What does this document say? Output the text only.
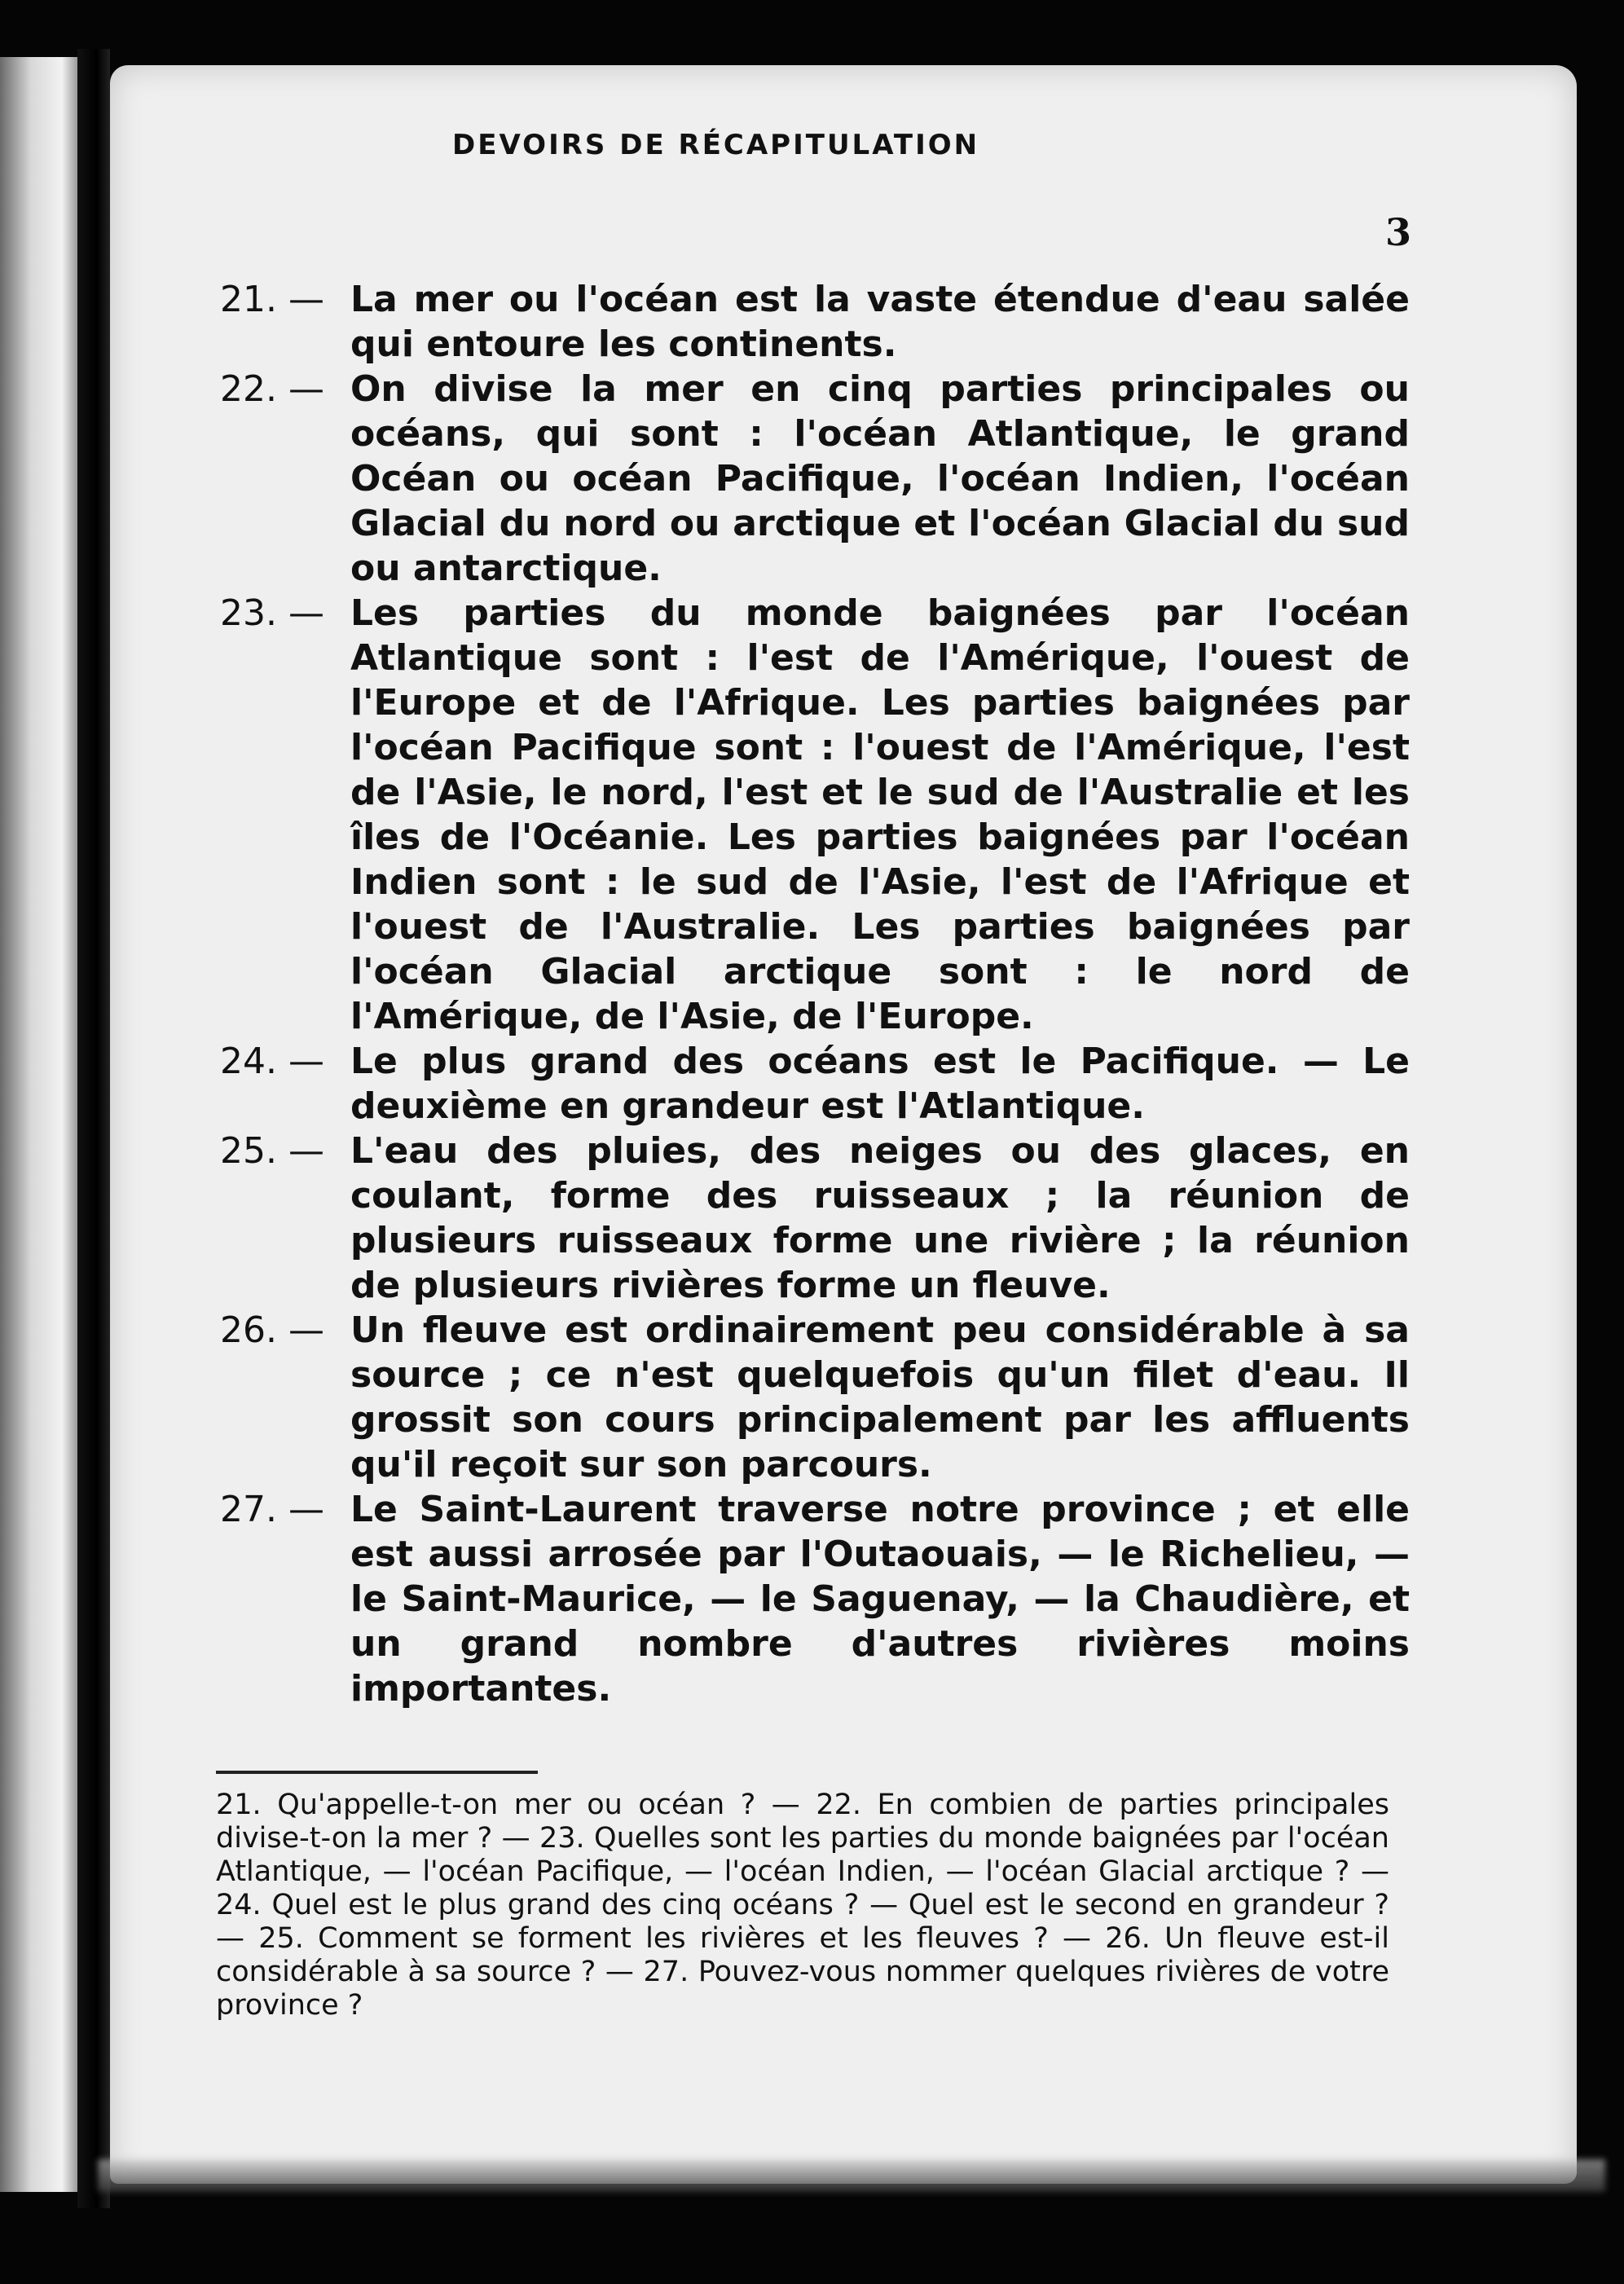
DEVOIRS DE RÉCAPITULATION
3

21. — La mer ou l'océan est la vaste étendue d'eau salée qui entoure les continents.

22. — On divise la mer en cinq parties principales ou océans, qui sont : l'océan Atlantique, le grand Océan ou océan Pacifique, l'océan Indien, l'océan Glacial du nord ou arctique et l'océan Glacial du sud ou antarctique.

23. — Les parties du monde baignées par l'océan Atlantique sont : l'est de l'Amérique, l'ouest de l'Europe et de l'Afrique. Les parties baignées par l'océan Pacifique sont : l'ouest de l'Amérique, l'est de l'Asie, le nord, l'est et le sud de l'Australie et les îles de l'Océanie. Les parties baignées par l'océan Indien sont : le sud de l'Asie, l'est de l'Afrique et l'ouest de l'Australie. Les parties baignées par l'océan Glacial arctique sont : le nord de l'Amérique, de l'Asie, de l'Europe.

24. — Le plus grand des océans est le Pacifique. — Le deuxième en grandeur est l'Atlantique.

25. — L'eau des pluies, des neiges ou des glaces, en coulant, forme des ruisseaux ; la réunion de plusieurs ruisseaux forme une rivière ; la réunion de plusieurs rivières forme un fleuve.

26. — Un fleuve est ordinairement peu considérable à sa source ; ce n'est quelquefois qu'un filet d'eau. Il grossit son cours principalement par les affluents qu'il reçoit sur son parcours.

27. — Le Saint-Laurent traverse notre province ; et elle est aussi arrosée par l'Outaouais, — le Richelieu, — le Saint-Maurice, — le Saguenay, — la Chaudière, et un grand nombre d'autres rivières moins importantes.

21. Qu'appelle-t-on mer ou océan ? — 22. En combien de parties principales divise-t-on la mer ? — 23. Quelles sont les parties du monde baignées par l'océan Atlantique, — l'océan Pacifique, — l'océan Indien, — l'océan Glacial arctique ? — 24. Quel est le plus grand des cinq océans ? — Quel est le second en grandeur ? — 25. Comment se forment les rivières et les fleuves ? — 26. Un fleuve est-il considérable à sa source ? — 27. Pouvez-vous nommer quelques rivières de votre province ?
